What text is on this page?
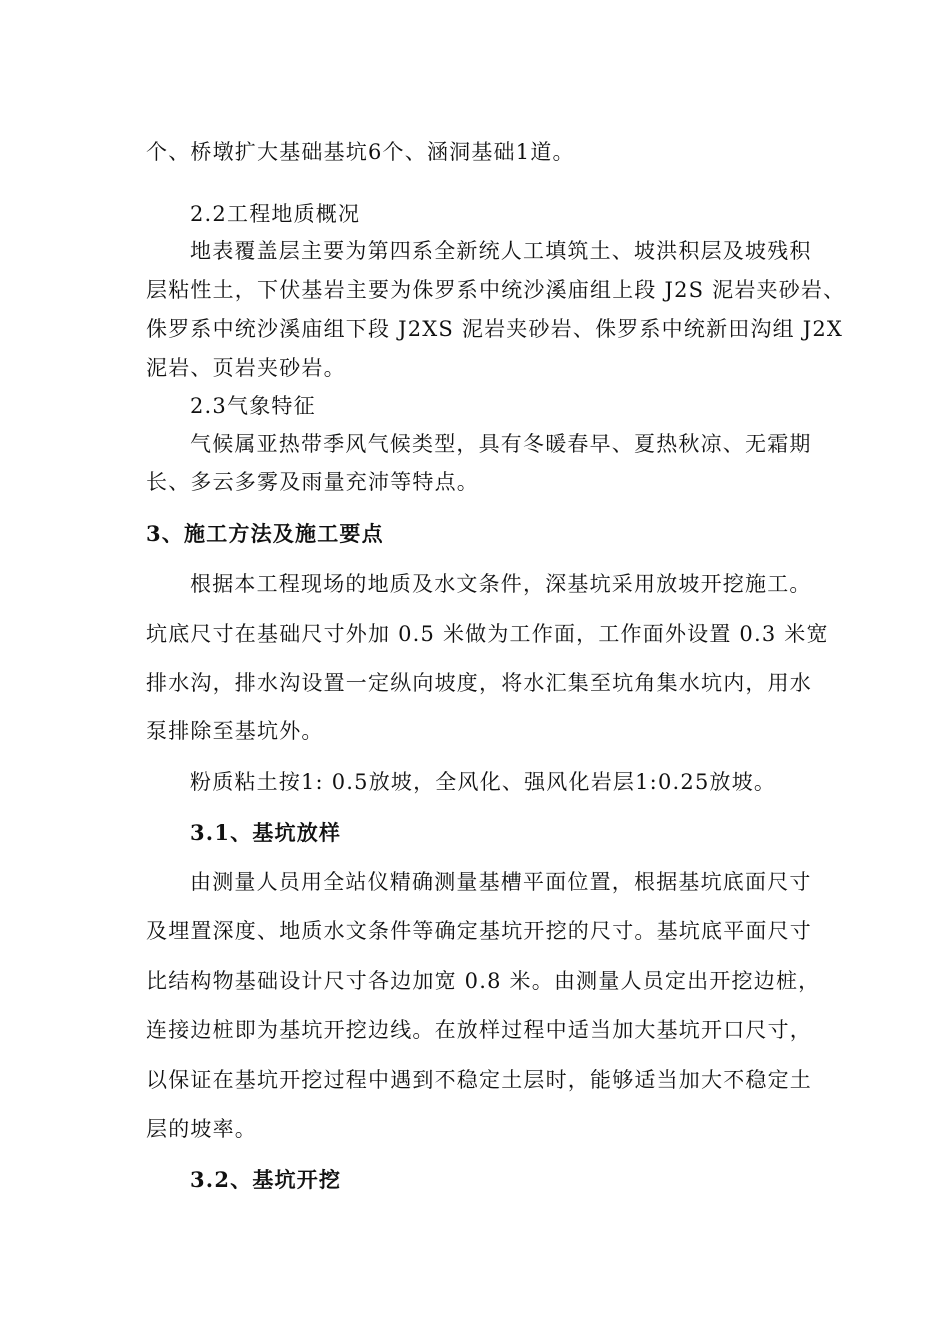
个、桥墩扩大基础基坑6个、涵洞基础1道。

2.2工程地质概况

地表覆盖层主要为第四系全新统人工填筑土、坡洪积层及坡残积

层粘性土，下伏基岩主要为侏罗系中统沙溪庙组上段 J2S 泥岩夹砂岩、

侏罗系中统沙溪庙组下段 J2XS 泥岩夹砂岩、侏罗系中统新田沟组 J2X

泥岩、页岩夹砂岩。

2.3气象特征

气候属亚热带季风气候类型，具有冬暖春早、夏热秋凉、无霜期

长、多云多雾及雨量充沛等特点。

3、施工方法及施工要点

根据本工程现场的地质及水文条件，深基坑采用放坡开挖施工。

坑底尺寸在基础尺寸外加 0.5 米做为工作面，工作面外设置 0.3 米宽

排水沟，排水沟设置一定纵向坡度，将水汇集至坑角集水坑内，用水

泵排除至基坑外。

粉质粘土按1: 0.5放坡，全风化、强风化岩层1:0.25放坡。

3.1、基坑放样

由测量人员用全站仪精确测量基槽平面位置，根据基坑底面尺寸

及埋置深度、地质水文条件等确定基坑开挖的尺寸。基坑底平面尺寸

比结构物基础设计尺寸各边加宽 0.8 米。由测量人员定出开挖边桩，

连接边桩即为基坑开挖边线。在放样过程中适当加大基坑开口尺寸，

以保证在基坑开挖过程中遇到不稳定土层时，能够适当加大不稳定土

层的坡率。

3.2、基坑开挖
